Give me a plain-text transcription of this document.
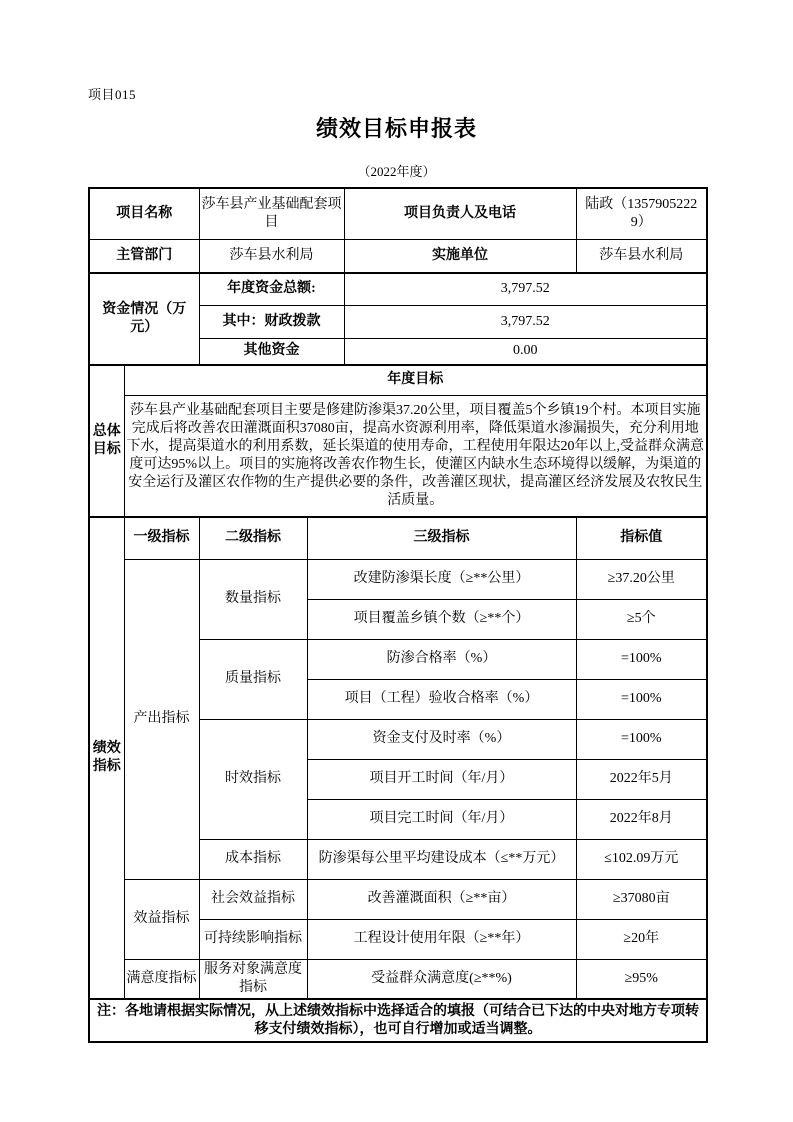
项目015
绩效目标申报表
（2022年度）
项目名称		莎车县产业基础配套项目		项目负责人及电话	陆政（13579052229）
主管部门		莎车县水利局		实施单位	莎车县水利局
资金情况（万元）		年度资金总额:		3,797.52	
		其中：财政拨款		3,797.52	
		其他资金		0.00	
总体目标	年度目标				
	莎车县产业基础配套项目主要是修建防渗渠37.20公里，项目覆盖5个乡镇19个村。本项目实施完成后将改善农田灌溉面积37080亩，提高水资源利用率，降低渠道水渗漏损失，充分利用地下水，提高渠道水的利用系数，延长渠道的使用寿命，工程使用年限达20年以上,受益群众满意度可达95%以上。项目的实施将改善农作物生长，使灌区内缺水生态环境得以缓解，为渠道的安全运行及灌区农作物的生产提供必要的条件，改善灌区现状，提高灌区经济发展及农牧民生活质量。				
绩效指标	一级指标	二级指标	三级指标		指标值
	产出指标	数量指标	改建防渗渠长度（≥**公里）		≥37.20公里
			项目覆盖乡镇个数（≥**个）		≥5个
		质量指标	防渗合格率（%）		=100%
			项目（工程）验收合格率（%）		=100%
		时效指标	资金支付及时率（%）		=100%
			项目开工时间（年/月）		2022年5月
			项目完工时间（年/月）		2022年8月
		成本指标	防渗渠每公里平均建设成本（≤**万元）		≤102.09万元
	效益指标	社会效益指标	改善灌溉面积（≥**亩）		≥37080亩
		可持续影响指标	工程设计使用年限（≥**年）		≥20年
	满意度指标	服务对象满意度指标	受益群众满意度(≥**%)		≥95%
注：各地请根据实际情况，从上述绩效指标中选择适合的填报（可结合已下达的中央对地方专项转移支付绩效指标），也可自行增加或适当调整。					
